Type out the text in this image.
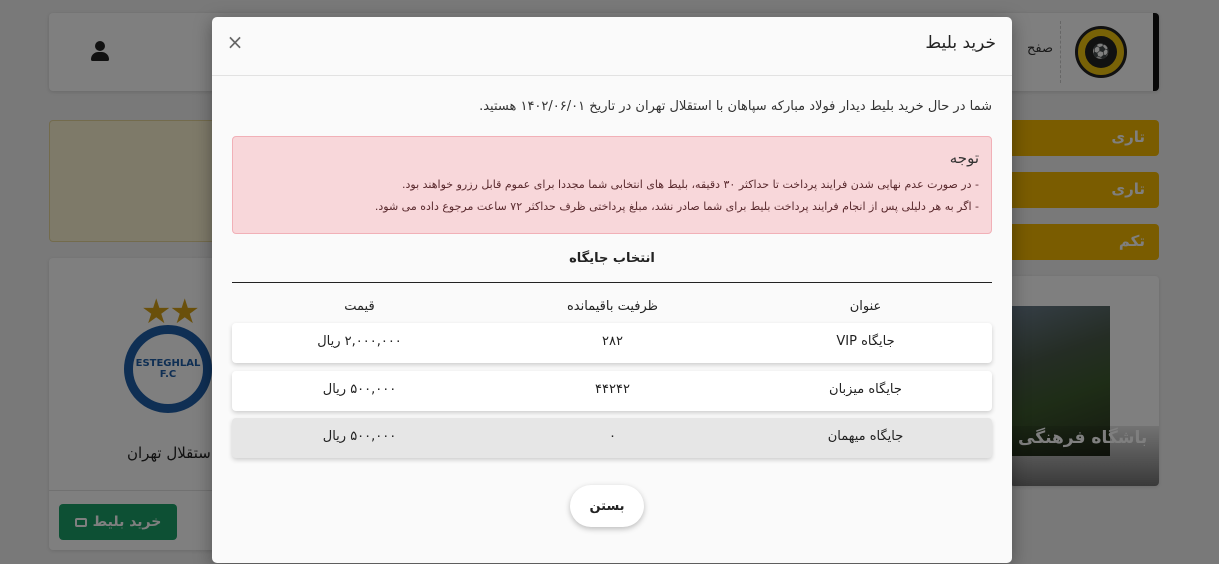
خرید بلیط
×
شما در حال خرید بلیط دیدار فولاد مبارکه سپاهان با استقلال تهران در تاریخ ۱۴۰۲/۰۶/۰۱ هستید.
توجه
- در صورت عدم نهایی شدن فرایند پرداخت تا حداکثر ۳۰ دقیقه، بلیط های انتخابی شما مجددا برای عموم قابل رزرو خواهند بود.
- اگر به هر دلیلی پس از انجام فرایند پرداخت بلیط برای شما صادر نشد، مبلغ پرداختی ظرف حداکثر ۷۲ ساعت مرجوع داده می شود.
انتخاب جایگاه
عنوان
ظرفیت باقیمانده
قیمت
جایگاه VIP
۲۸۲
۲,۰۰۰,۰۰۰ ریال
جایگاه میزبان
۴۴۲۴۲
۵۰۰,۰۰۰ ریال
جایگاه میهمان
۰
۵۰۰,۰۰۰ ریال
بستن
